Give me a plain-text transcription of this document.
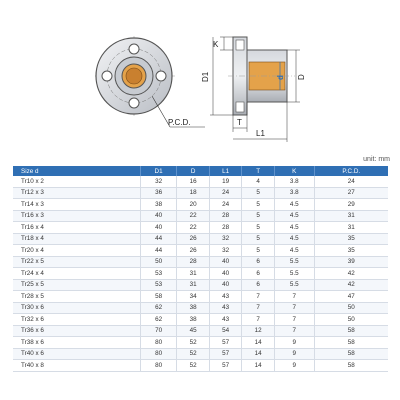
P.C.D.
K
D1	d D
T
L1
unit: mm
Size d	D1	D	L1	T	K	P.C.D.
Tr10 x 2	32	16	19	4	3.8	24
Tr12 x 3	36	18	24	5	3.8	27
Tr14 x 3	38	20	24	5	4.5	29
Tr16 x 3	40	22	28	5	4.5	31
Tr16 x 4	40	22	28	5	4.5	31
Tr18 x 4	44	26	32	5	4.5	35
Tr20 x 4	44	26	32	5	4.5	35
Tr22 x 5	50	28	40	6	5.5	39
Tr24 x 4	53	31	40	6	5.5	42
Tr25 x 5	53	31	40	6	5.5	42
Tr28 x 5	58	34	43	7	7	47
Tr30 x 6	62	38	43	7	7	50
Tr32 x 6	62	38	43	7	7	50
Tr36 x 6	70	45	54	12	7	58
Tr38 x 6	80	52	57	14	9	58
Tr40 x 6	80	52	57	14	9	58
Tr40 x 8	80	52	57	14	9	58
